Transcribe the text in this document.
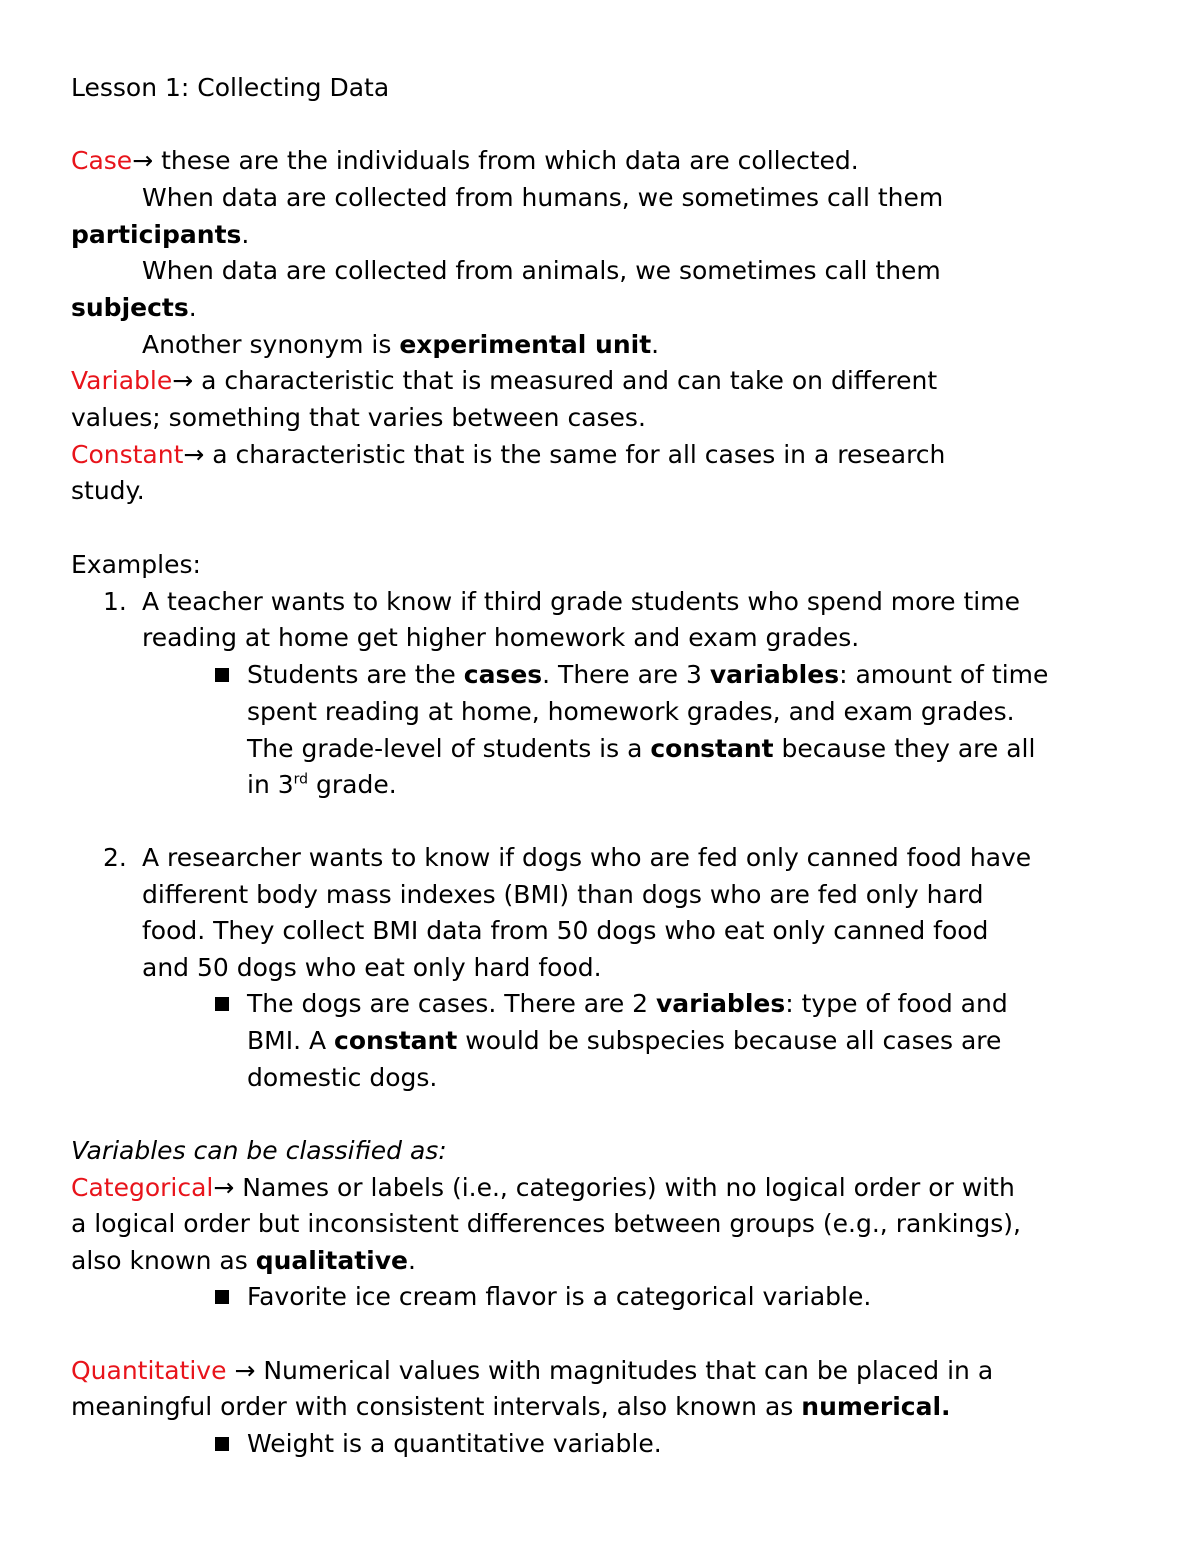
Lesson 1: Collecting Data
Case→ these are the individuals from which data are collected.
When data are collected from humans, we sometimes call them
participants.
When data are collected from animals, we sometimes call them
subjects.
Another synonym is experimental unit.
Variable→ a characteristic that is measured and can take on different
values; something that varies between cases.
Constant→ a characteristic that is the same for all cases in a research
study.
Examples:
1. A teacher wants to know if third grade students who spend more time
reading at home get higher homework and exam grades.
Students are the cases. There are 3 variables: amount of time
spent reading at home, homework grades, and exam grades.
The grade-level of students is a constant because they are all
in 3rd grade.
2. A researcher wants to know if dogs who are fed only canned food have
different body mass indexes (BMI) than dogs who are fed only hard
food. They collect BMI data from 50 dogs who eat only canned food
and 50 dogs who eat only hard food.
The dogs are cases. There are 2 variables: type of food and
BMI. A constant would be subspecies because all cases are
domestic dogs.
Variables can be classified as:
Categorical→ Names or labels (i.e., categories) with no logical order or with
a logical order but inconsistent differences between groups (e.g., rankings),
also known as qualitative.
Favorite ice cream flavor is a categorical variable.
Quantitative → Numerical values with magnitudes that can be placed in a
meaningful order with consistent intervals, also known as numerical.
Weight is a quantitative variable.
